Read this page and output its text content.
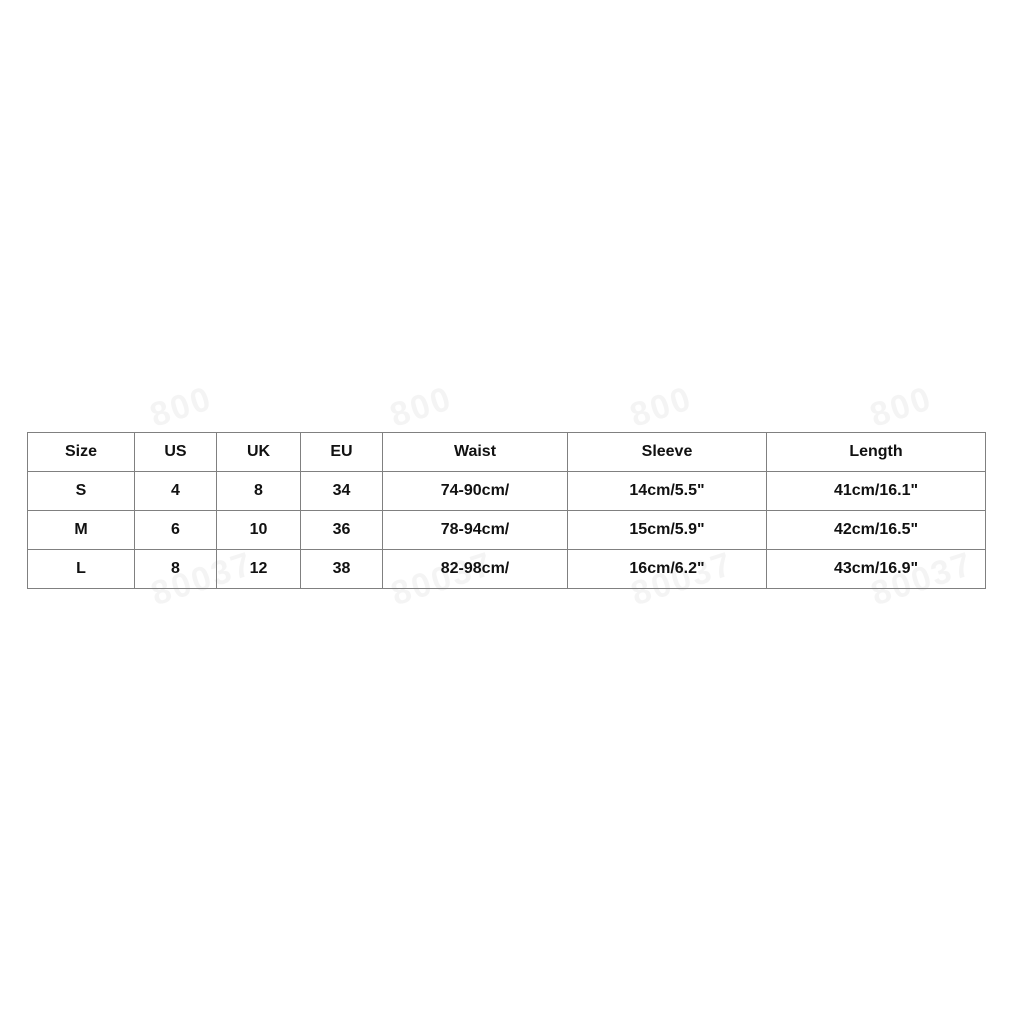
Size	US	UK	EU	Waist	Sleeve	Length
S	4	8	34	74-90cm/	14cm/5.5"	41cm/16.1"
M	6	10	36	78-94cm/	15cm/5.9"	42cm/16.5"
L	8	12	38	82-98cm/	16cm/6.2"	43cm/16.9"
